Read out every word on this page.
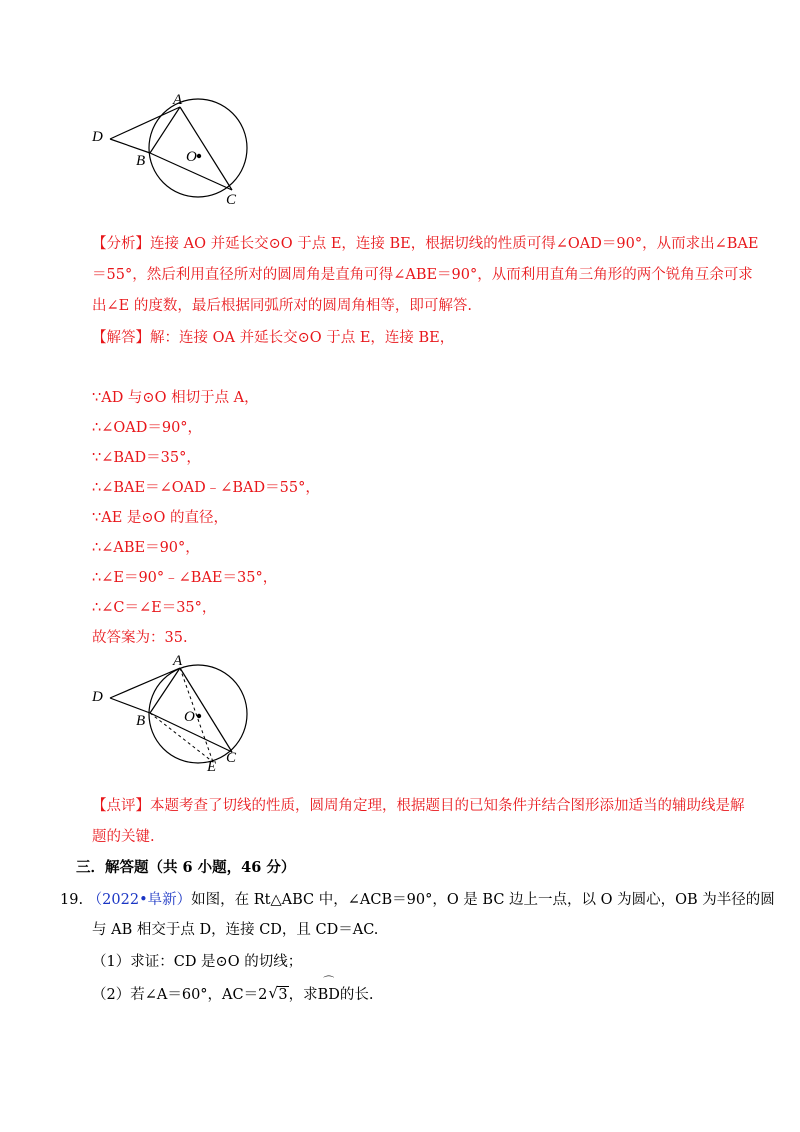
A
D
B	O
C
【分析】连接 AO 并延长交⊙O 于点 E，连接 BE，根据切线的性质可得∠OAD＝90°，从而求出∠BAE
＝55°，然后利用直径所对的圆周角是直角可得∠ABE＝90°，从而利用直角三角形的两个锐角互余可求
出∠E 的度数，最后根据同弧所对的圆周角相等，即可解答.
【解答】解：连接 OA 并延长交⊙O 于点 E，连接 BE，
∵AD 与⊙O 相切于点 A，
∴∠OAD＝90°，
∵∠BAD＝35°，
∴∠BAE＝∠OAD﹣∠BAD＝55°，
∵AE 是⊙O 的直径，
∴∠ABE＝90°，
∴∠E＝90°﹣∠BAE＝35°，
∴∠C＝∠E＝35°，
故答案为：35.
A
D
B	O
C
E
【点评】本题考查了切线的性质，圆周角定理，根据题目的已知条件并结合图形添加适当的辅助线是解
题的关键.
三．解答题（共 6 小题，46 分）
19. （2022•阜新）如图，在 Rt△ABC 中，∠ACB＝90°，O 是 BC 边上一点，以 O 为圆心，OB 为半径的圆
与 AB 相交于点 D，连接 CD，且 CD＝AC.
（1）求证：CD 是⊙O 的切线；
（2）若∠A＝60°，AC＝2 √ 3，求
⌒
BD的长.
